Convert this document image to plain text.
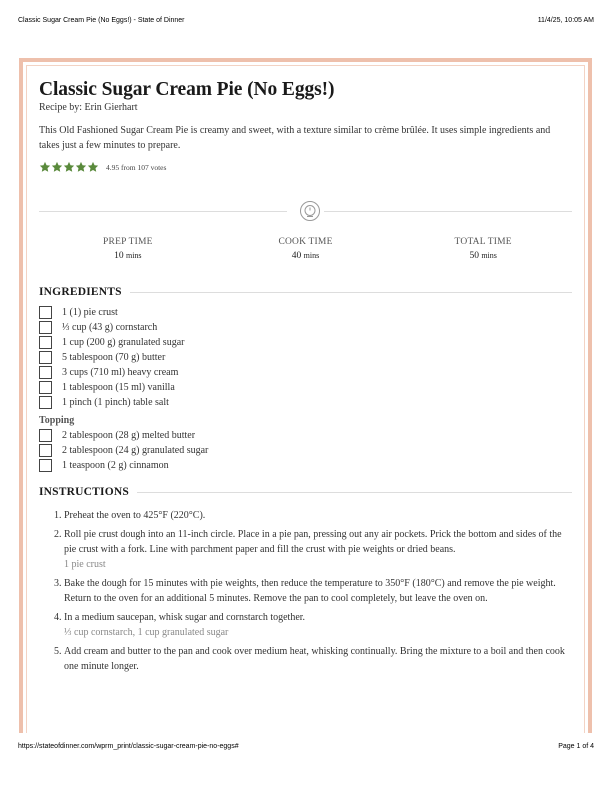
Classic Sugar Cream Pie (No Eggs!) - State of Dinner	11/4/25, 10:05 AM
Classic Sugar Cream Pie (No Eggs!)
Recipe by: Erin Gierhart
This Old Fashioned Sugar Cream Pie is creamy and sweet, with a texture similar to crème brûlée. It uses simple ingredients and takes just a few minutes to prepare.
4.95 from 107 votes
PREP TIME
10 mins
COOK TIME
40 mins
TOTAL TIME
50 mins
INGREDIENTS
1 (1) pie crust
⅓ cup (43 g) cornstarch
1 cup (200 g) granulated sugar
5 tablespoon (70 g) butter
3 cups (710 ml) heavy cream
1 tablespoon (15 ml) vanilla
1 pinch (1 pinch) table salt
Topping
2 tablespoon (28 g) melted butter
2 tablespoon (24 g) granulated sugar
1 teaspoon (2 g) cinnamon
INSTRUCTIONS
1. Preheat the oven to 425°F (220°C).
2. Roll pie crust dough into an 11-inch circle. Place in a pie pan, pressing out any air pockets. Prick the bottom and sides of the pie crust with a fork. Line with parchment paper and fill the crust with pie weights or dried beans.
1 pie crust
3. Bake the dough for 15 minutes with pie weights, then reduce the temperature to 350°F (180°C) and remove the pie weight. Return to the oven for an additional 5 minutes. Remove the pan to cool completely, but leave the oven on.
4. In a medium saucepan, whisk sugar and cornstarch together.
⅓ cup cornstarch, 1 cup granulated sugar
5. Add cream and butter to the pan and cook over medium heat, whisking continually. Bring the mixture to a boil and then cook one minute longer.
https://stateofdinner.com/wprm_print/classic-sugar-cream-pie-no-eggs#	Page 1 of 4
